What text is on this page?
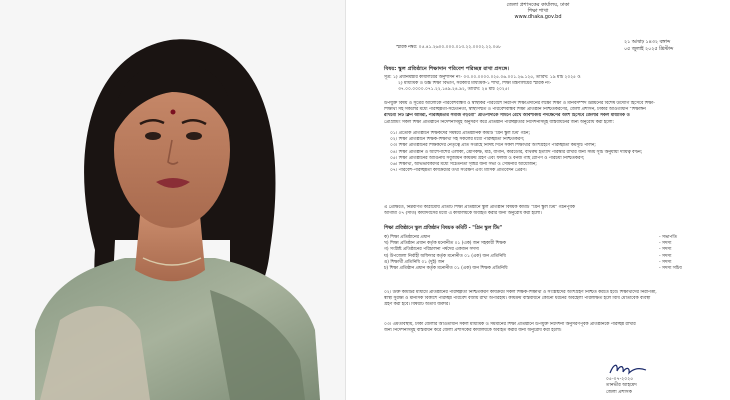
জেলা প্রশাসকের কার্যালয়, ঢাকা
শিক্ষা শাখা
www.dhaka.gov.bd
স্মারক নম্বর: ০৫.৪১.২৬০০.০০০.০১৩.২২.০০০২.২২.০৫৮
২১ আষাঢ় ১৪৩২ বঙ্গাব্দ
০৫ জুলাই ২০২৫ খ্রিস্টাব্দ
বিষয়: স্কুল প্রতিষ্ঠানে শিক্ষাদান পরিবেশ পরিচ্ছন্ন রাখা প্রসঙ্গে।
সূত্র: ১) প্রধানমন্ত্রীর কার্যালয়ের অনুশাসন নং- ০৩.০০.০০০০.০২৫.০৬.০০১.২৬.১২৫, তারিখ: ১৯ মার্চ ২০২৫ ও
২) মাধ্যমিক ও উচ্চ শিক্ষা বিভাগ, সরকারি মাধ্যমিক-১ শাখা, শিক্ষা মন্ত্রণালয়ের স্মারক নং-
৩৭.০০.০০০০.০৭১.২২.১৪৯.২৪.৯২, তারিখ: ২৪ মার্চ ২০২৫।
উপর্যুক্ত বিষয় ও সূত্রের আলোকে পরিবেশবান্ধব ও স্বাস্থ্যকর পরিবেশে নিরাপদ শিক্ষাপ্রদানের লক্ষ্যে শিক্ষা ও মানবসম্পদ উন্নয়নের বিশেষ উদ্যোগ হিসেবে শিক্ষা-
শিক্ষার্থী সহ সকলের মধ্যে পরিচ্ছন্নতা-সচেতনতা, স্বাস্থ্যসম্মত ও পরিবেশবান্ধব শিক্ষা প্রতিষ্ঠান নিশ্চিতকরণের, জেলা প্রশাসন, ঢাকার আওতাধীন "শিক্ষাঙ্গন
রাখবো নিট ক্লিন আমরা, পরিচ্ছন্নতার সমাজ গড়বো" প্রতিপাদ্যকে সামনে রেখে আবশ্যকীয় পদক্ষেপের অংশ হিসেবে জেলার সকল মাধ্যমিক ও
প্রোগ্রামিং সকল শিক্ষা প্রতিষ্ঠানে নির্দেশনাসমূহ অনুসরণ করে প্রতিষ্ঠান পরিচ্ছন্নতার নির্দেশনাসমূহ বাস্তবায়নের জন্য অনুরোধ করা হলো:
০১। প্রত্যেক প্রতিষ্ঠানে শিক্ষকদের সমন্বয়ে প্রতিষ্ঠানিক কমিটি 'গ্রিন স্কুল টিম' গঠন;
০২। শিক্ষা প্রতিষ্ঠানে শিক্ষক-শিক্ষার্থী সহ সকলের মধ্যে পরিচ্ছন্নতা নিশ্চিতকরণ;
০৩। শিক্ষা প্রতিষ্ঠানের শিক্ষকদের নেতৃত্বে প্রতি সপ্তাহে নির্দিষ্ট দিনে সকল শিক্ষার্থীর অংশগ্রহণে পরিচ্ছন্নতা কর্মসূচি পালন;
০৪। শিক্ষা প্রতিষ্ঠান ও আশেপাশের এলাকা, শ্রেণিকক্ষ, মাঠ, বাগান, করিডোর, বাথরুম ইত্যাদি পরিষ্কার রাখার জন্য সময় সূচি অনুযায়ী দায়িত্ব বণ্টন;
০৫। শিক্ষা প্রতিষ্ঠানের আঙিনায় সবুজায়ন কার্যক্রম গ্রহণ এবং ফলজ ও বনজ গাছ রোপণ ও পরিচর্যা নিশ্চিতকরণ;
০৬। শিক্ষার্থী, অভিভাবকদের মধ্যে সচেতনতা সৃষ্টির জন্য সভা ও সেমিনার আয়োজন;
০৭। পরিবেশ-পরিচ্ছন্নতা কার্যক্রমের তথ্য সংরক্ষণ এবং মাসিক প্রতিবেদন প্রেরণ।
এ প্রেক্ষিতে, নিম্নবর্ণিত কাঠামোয় প্রতিটি শিক্ষা প্রতিষ্ঠানে স্কুল প্রতিষ্ঠান বিষয়ক কমিটি "গ্রিন স্কুল টিম" গঠনপূর্বক
আগামী ০৭ (সাত) কার্যদিবসের মধ্যে এ কার্যালয়কে অবহিত করার জন্য অনুরোধ করা হলো।
শিক্ষা প্রতিষ্ঠানে স্কুল প্রতিষ্ঠান বিষয়ক কমিটি - "গ্রিন স্কুল টিম"
ক) শিক্ষা প্রতিষ্ঠানের প্রধান	- সভাপতি
খ) শিক্ষা প্রতিষ্ঠান প্রধান কর্তৃক মনোনীত ০১ (এক) জন সহকারী শিক্ষক	- সদস্য
গ) সংশ্লিষ্ট প্রতিষ্ঠানের পরিচালনা পর্ষদের একজন সদস্য	- সদস্য
ঘ) উপজেলা নির্বাহী অফিসার কর্তৃক মনোনীত ০১ (এক) জন প্রতিনিধি	- সদস্য
ঙ) শিক্ষার্থী প্রতিনিধি ০১ (দুই) জন	- সদস্য
চ) শিক্ষা প্রতিষ্ঠান প্রধান কর্তৃক মনোনীত ০১ (এক) জন শিক্ষক প্রতিনিধি	- সদস্য সচিব
০২। উক্ত কমিটির মাধ্যমে প্রতিষ্ঠানের পরিচ্ছন্নতা নিশ্চিতকরণ কার্যক্রমে সকল শিক্ষক-শিক্ষার্থী ও সংশ্লিষ্টদের অংশগ্রহণ নিশ্চিত করতে হবে। শিক্ষার্থীদের নিরাপত্তা,
স্বাস্থ্য সুরক্ষা ও মানসিক বিকাশে পরিচ্ছন্ন পরিবেশ বজায় রাখা অপরিহার্য। কার্যক্রম বাস্তবায়নে কোনো ধরনের অবহেলা পরিলক্ষিত হলে বিধি মোতাবেক ব্যবস্থা
গ্রহণ করা হবে। বিষয়টি অতীব জরুরি।
০৩। এমতাবস্থায়, ঢাকা জেলার আওতাধীন সকল মাধ্যমিক ও সমমানের শিক্ষা প্রতিষ্ঠানে উপর্যুক্ত নির্দেশনা অনুসরণপূর্বক প্রতিষ্ঠানকে পরিচ্ছন্ন রাখার
জন্য নির্দেশনাসমূহ বাস্তবায়ন করে জেলা প্রশাসকের কার্যালয়কে অবহিত করার জন্য অনুরোধ করা হলো।
০৫-০৭-২০২৫
তানভীর আহমেদ
জেলা প্রশাসক
